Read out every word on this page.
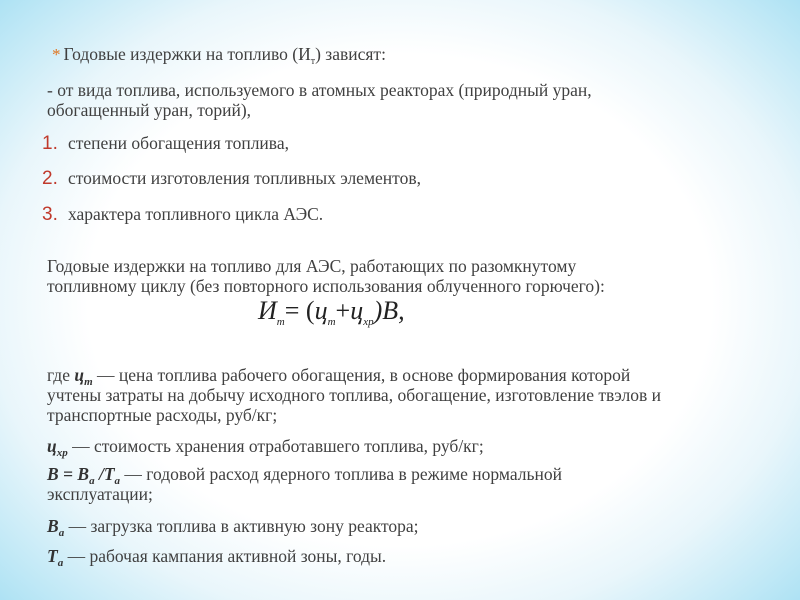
* Годовые издержки на топливо $(И_т)$ зависят:
- от вида топлива, используемого в атомных реакторах (природный уран,
обогащенный уран, торий),
1. степени обогащения топлива,
2. стоимости изготовления топливных элементов,
3. характера топливного цикла АЭС.
Годовые издержки на топливо для АЭС, работающих по разомкнутому
топливному циклу (без повторного использования облученного горючего):
$И_т= (ц_т+ц_{хр})B$,
где $ц_т$ — цена топлива рабочего обогащения, в основе формирования которой
учтены затраты на добычу исходного топлива, обогащение, изготовление твэлов и
транспортные расходы, руб/кг;
$ц_{хр}$ — стоимость хранения отработавшего топлива, руб/кг;
$B = B_а$ $/T_а$ — годовой расход ядерного топлива в режиме нормальной
эксплуатации;
$B_а$ — загрузка топлива в активную зону реактора;
$T_а$ — рабочая кампания активной зоны, годы.
